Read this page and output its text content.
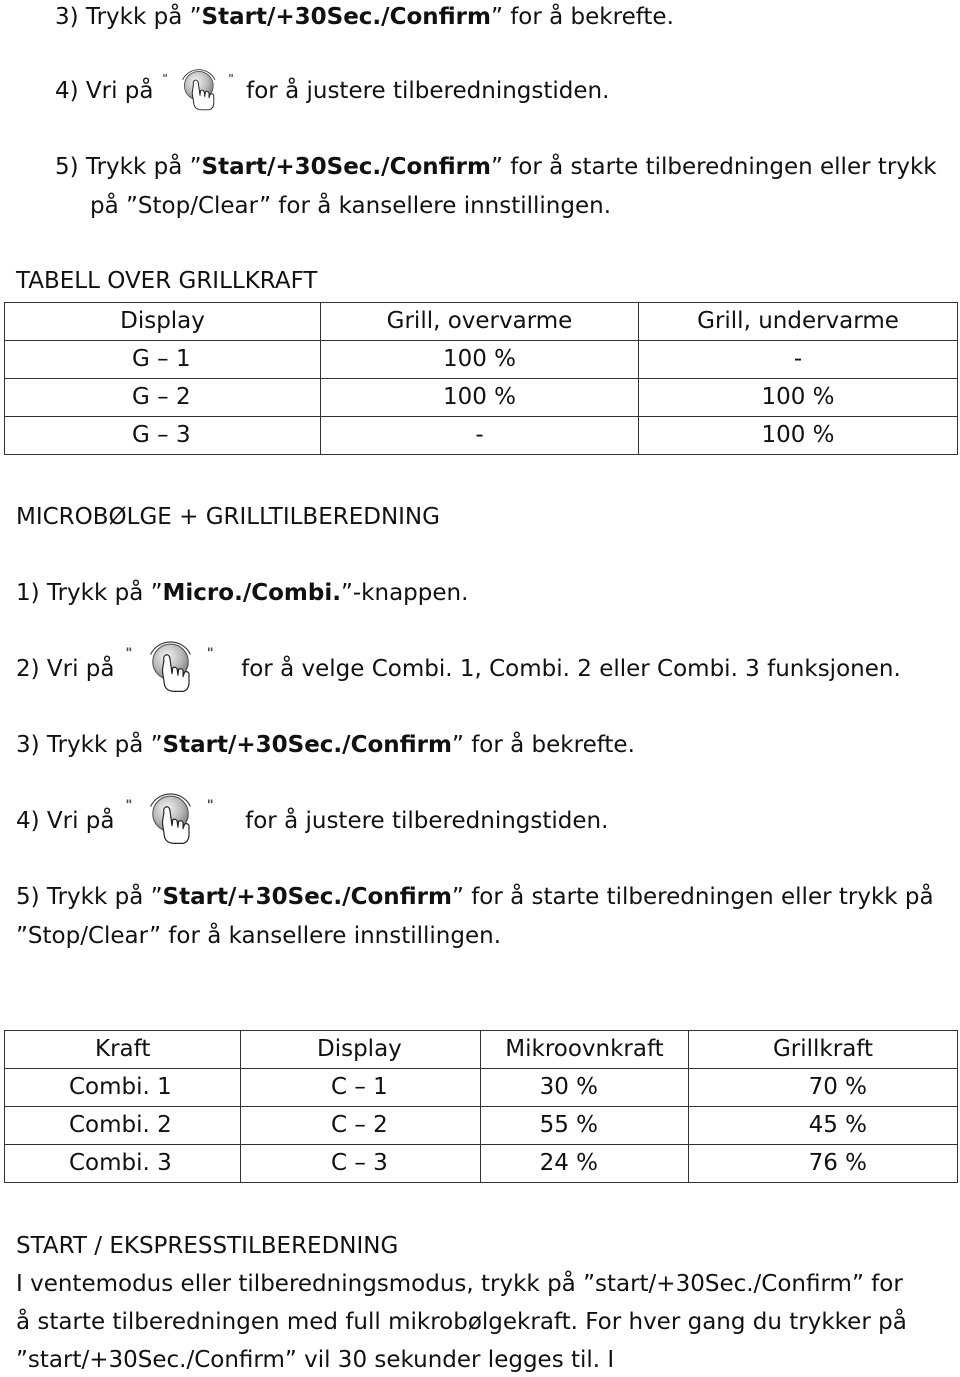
3) Trykk på ”Start/+30Sec./Confirm” for å bekrefte.
4) Vri på	for å justere tilberedningstiden.
5) Trykk på ”Start/+30Sec./Confirm” for å starte tilberedningen eller trykk
på ”Stop/Clear” for å kansellere innstillingen.
TABELL OVER GRILLKRAFT
Display	Grill, overvarme	Grill, undervarme
G – 1	100 %	-
G – 2	100 %	100 %
G – 3	-	100 %
MICROBØLGE + GRILLTILBEREDNING
1) Trykk på ”Micro./Combi.”-knappen.
2) Vri på	for å velge Combi. 1, Combi. 2 eller Combi. 3 funksjonen.
3) Trykk på ”Start/+30Sec./Confirm” for å bekrefte.
4) Vri på	for å justere tilberedningstiden.
5) Trykk på ”Start/+30Sec./Confirm” for å starte tilberedningen eller trykk på
”Stop/Clear” for å kansellere innstillingen.
Kraft	Display	Mikroovnkraft	Grillkraft
Combi. 1	C – 1	30 %	70 %
Combi. 2	C – 2	55 %	45 %
Combi. 3	C – 3	24 %	76 %
START / EKSPRESSTILBEREDNING
I ventemodus eller tilberedningsmodus, trykk på ”start/+30Sec./Confirm” for
å starte tilberedningen med full mikrobølgekraft. For hver gang du trykker på
”start/+30Sec./Confirm” vil 30 sekunder legges til. I
